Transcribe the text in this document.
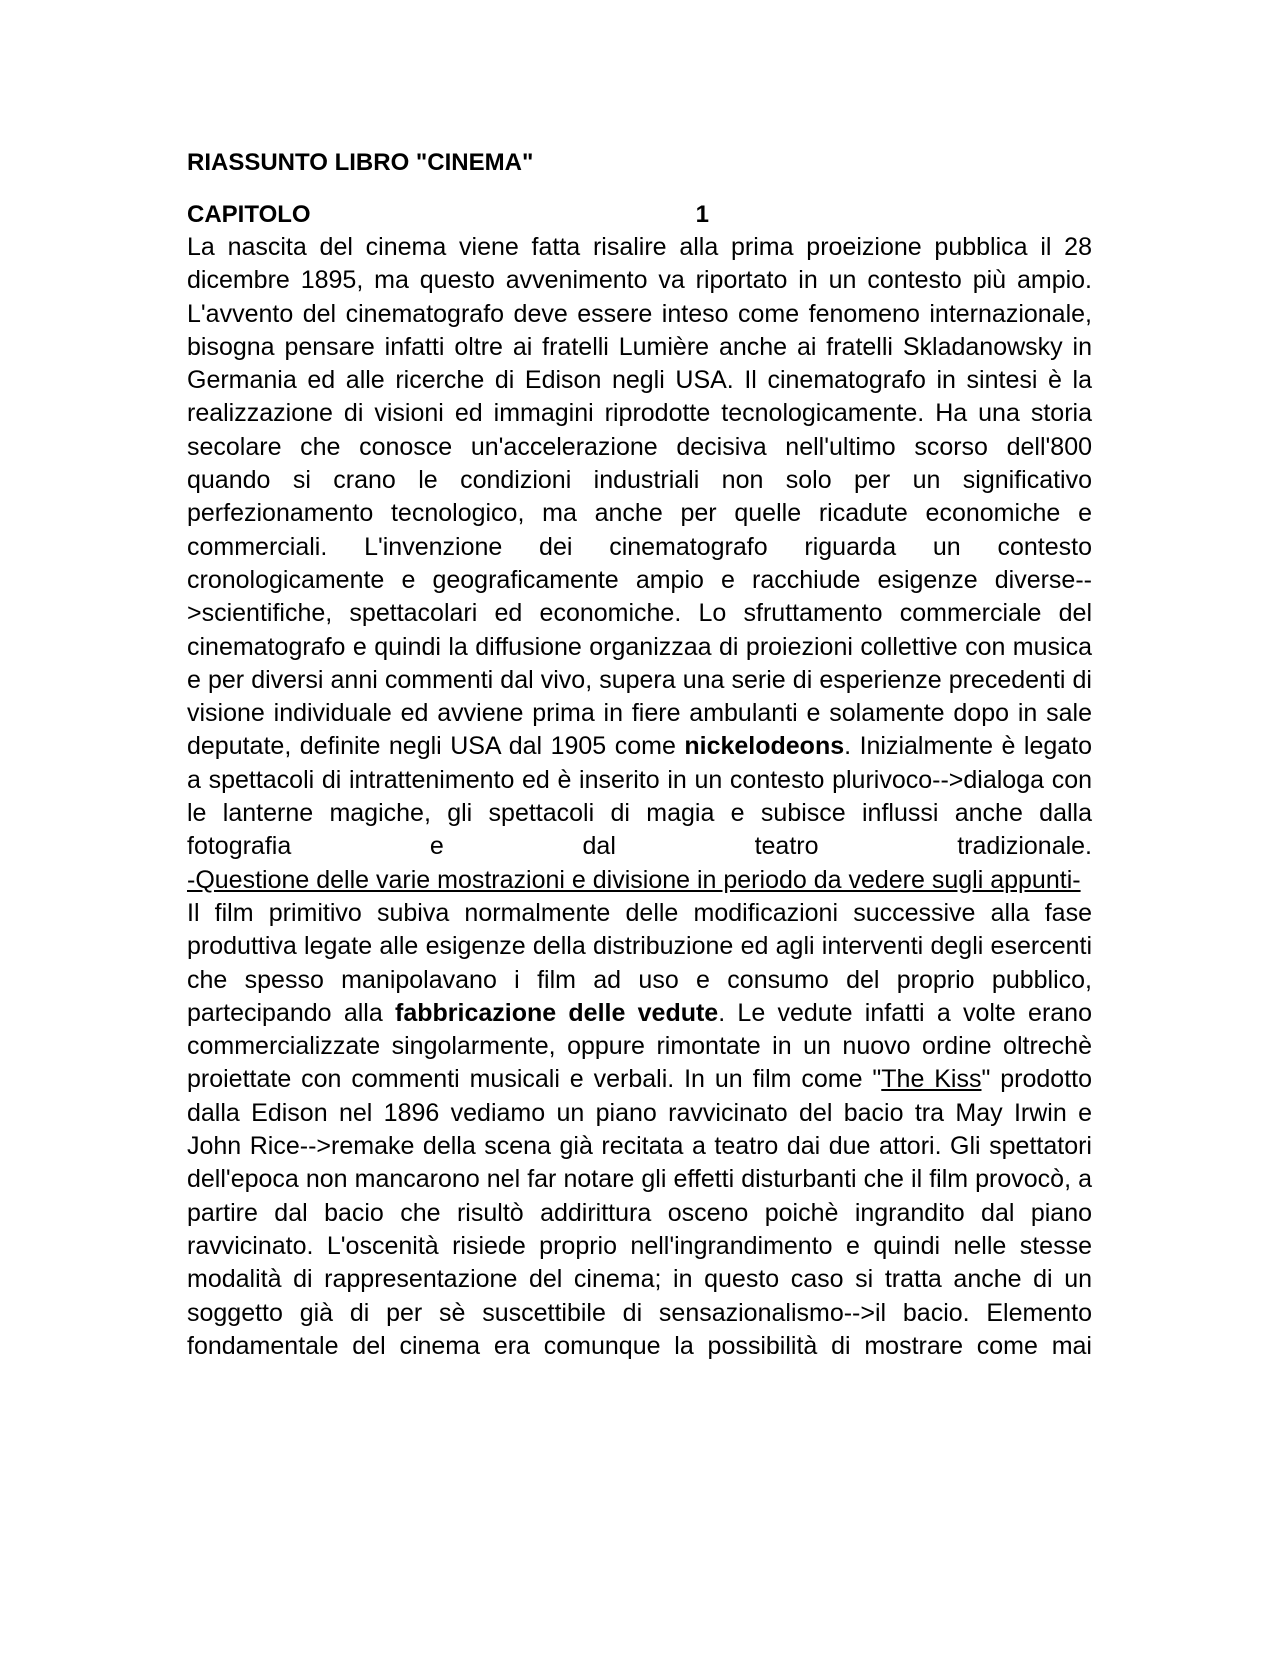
RIASSUNTO LIBRO "CINEMA"
CAPITOLO	1

La nascita del cinema viene fatta risalire alla prima proeizione pubblica il 28 dicembre 1895, ma questo avvenimento va riportato in un contesto più ampio. L'avvento del cinematografo deve essere inteso come fenomeno internazionale, bisogna pensare infatti oltre ai fratelli Lumière anche ai fratelli Skladanowsky in Germania ed alle ricerche di Edison negli USA. Il cinematografo in sintesi è la realizzazione di visioni ed immagini riprodotte tecnologicamente. Ha una storia secolare che conosce un'accelerazione decisiva nell'ultimo scorso dell'800 quando si crano le condizioni industriali non solo per un significativo perfezionamento tecnologico, ma anche per quelle ricadute economiche e commerciali. L'invenzione dei cinematografo riguarda un contesto cronologicamente e geograficamente ampio e racchiude esigenze diverse-->scientifiche, spettacolari ed economiche. Lo sfruttamento commerciale del cinematografo e quindi la diffusione organizzaa di proiezioni collettive con musica e per diversi anni commenti dal vivo, supera una serie di esperienze precedenti di visione individuale ed avviene prima in fiere ambulanti e solamente dopo in sale deputate, definite negli USA dal 1905 come nickelodeons. Inizialmente è legato a spettacoli di intrattenimento ed è inserito in un contesto plurivoco-->dialoga con le lanterne magiche, gli spettacoli di magia e subisce influssi anche dalla fotografia e dal teatro tradizionale.

-Questione delle varie mostrazioni e divisione in periodo da vedere sugli appunti-

Il film primitivo subiva normalmente delle modificazioni successive alla fase produttiva legate alle esigenze della distribuzione ed agli interventi degli esercenti che spesso manipolavano i film ad uso e consumo del proprio pubblico, partecipando alla fabbricazione delle vedute. Le vedute infatti a volte erano commercializzate singolarmente, oppure rimontate in un nuovo ordine oltrechè proiettate con commenti musicali e verbali. In un film come "The Kiss" prodotto dalla Edison nel 1896 vediamo un piano ravvicinato del bacio tra May Irwin e John Rice-->remake della scena già recitata a teatro dai due attori. Gli spettatori dell'epoca non mancarono nel far notare gli effetti disturbanti che il film provocò, a partire dal bacio che risultò addirittura osceno poichè ingrandito dal piano ravvicinato. L'oscenità risiede proprio nell'ingrandimento e quindi nelle stesse modalità di rappresentazione del cinema; in questo caso si tratta anche di un soggetto già di per sè suscettibile di sensazionalismo-->il bacio. Elemento fondamentale del cinema era comunque la possibilità di mostrare come mai
